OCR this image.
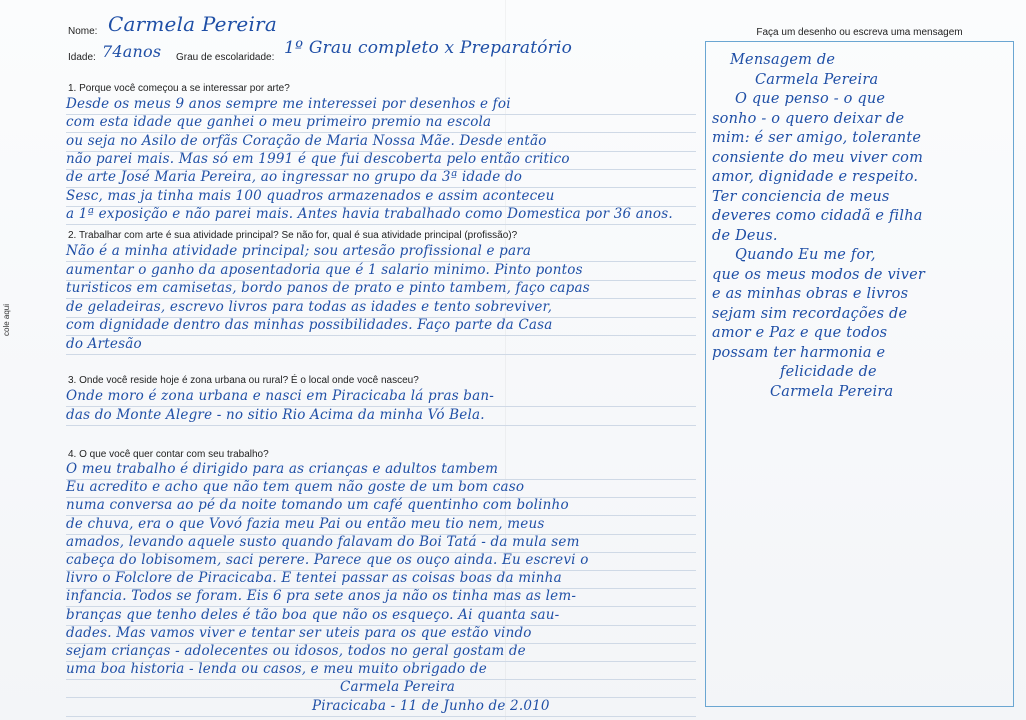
cole aqui
Nome: Carmela Pereira
Idade: 74anos Grau de escolaridade: 1º Grau completo x Preparatório
1. Porque você começou a se interessar por arte?
Desde os meus 9 anos sempre me interessei por desenhos e foi
com esta idade que ganhei o meu primeiro premio na escola
ou seja no Asilo de orfãs Coração de Maria Nossa Mãe. Desde então
não parei mais. Mas só em 1991 é que fui descoberta pelo então critico
de arte José Maria Pereira, ao ingressar no grupo da 3ª idade do
Sesc, mas ja tinha mais 100 quadros armazenados e assim aconteceu
a 1ª exposição e não parei mais. Antes havia trabalhado como Domestica por 36 anos.
2. Trabalhar com arte é sua atividade principal? Se não for, qual é sua atividade principal (profissão)?
Não é a minha atividade principal; sou artesão profissional e para
aumentar o ganho da aposentadoria que é 1 salario minimo. Pinto pontos
turisticos em camisetas, bordo panos de prato e pinto tambem, faço capas
de geladeiras, escrevo livros para todas as idades e tento sobreviver,
com dignidade dentro das minhas possibilidades. Faço parte da Casa
do Artesão
3. Onde você reside hoje é zona urbana ou rural? É o local onde você nasceu?
Onde moro é zona urbana e nasci em Piracicaba lá pras ban-
das do Monte Alegre - no sitio Rio Acima da minha Vó Bela.
4. O que você quer contar com seu trabalho?
O meu trabalho é dirigido para as crianças e adultos tambem
Eu acredito e acho que não tem quem não goste de um bom caso
numa conversa ao pé da noite tomando um café quentinho com bolinho
de chuva, era o que Vovó fazia meu Pai ou então meu tio nem, meus
amados, levando aquele susto quando falavam do Boi Tatá - da mula sem
cabeça do lobisomem, saci perere. Parece que os ouço ainda. Eu escrevi o
livro o Folclore de Piracicaba. E tentei passar as coisas boas da minha
infancia. Todos se foram. Eis 6 pra sete anos ja não os tinha mas as lem-
branças que tenho deles é tão boa que não os esqueço. Ai quanta sau-
dades. Mas vamos viver e tentar ser uteis para os que estão vindo
sejam crianças - adolecentes ou idosos, todos no geral gostam de
uma boa historia - lenda ou casos, e meu muito obrigado de
Carmela Pereira
Piracicaba - 11 de Junho de 2.010
Faça um desenho ou escreva uma mensagem
Mensagem de
Carmela Pereira
O que penso - o que
sonho - o quero deixar de
mim: é ser amigo, tolerante
consiente do meu viver com
amor, dignidade e respeito.
Ter conciencia de meus
deveres como cidadã e filha
de Deus.
Quando Eu me for,
que os meus modos de viver
e as minhas obras e livros
sejam sim recordações de
amor e Paz e que todos
possam ter harmonia e
felicidade de
Carmela Pereira
